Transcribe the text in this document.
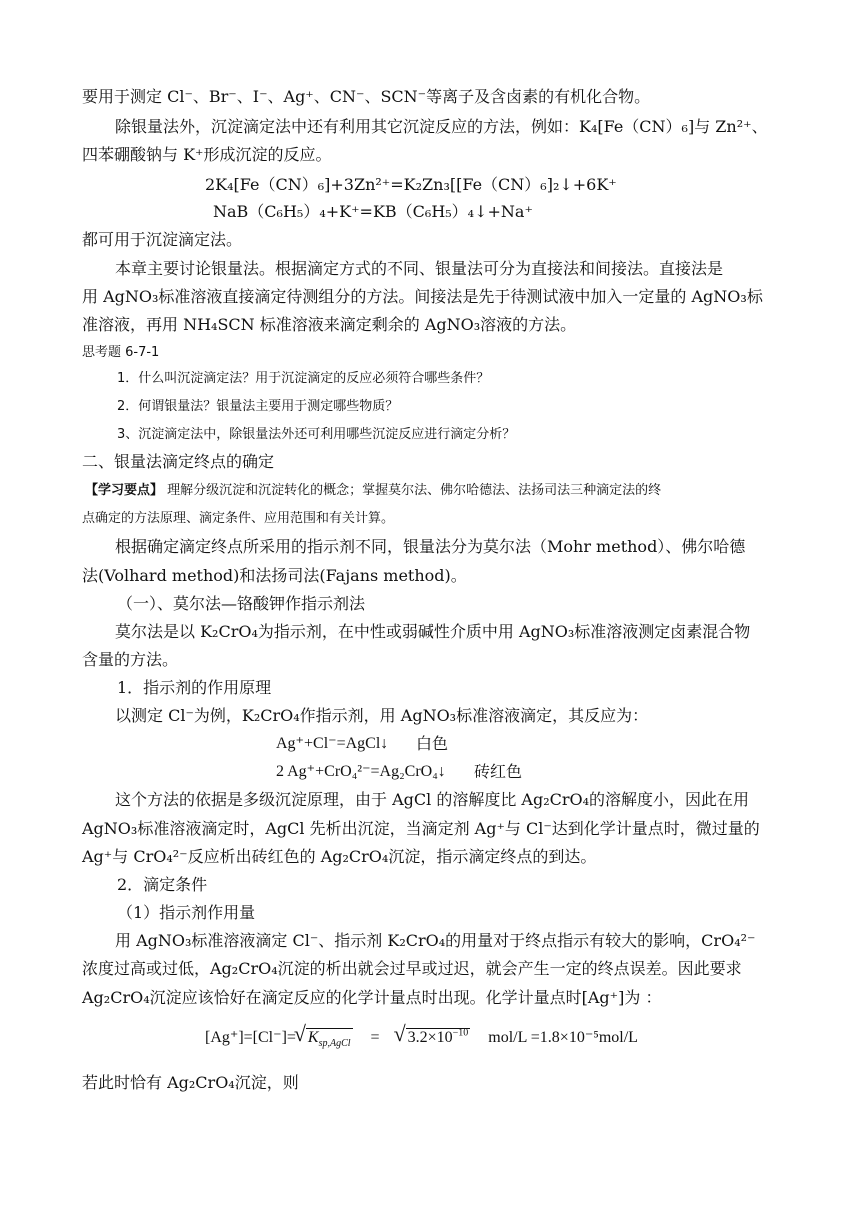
要用于测定 Cl⁻、Br⁻、I⁻、Ag⁺、CN⁻、SCN⁻等离子及含卤素的有机化合物。
除银量法外，沉淀滴定法中还有利用其它沉淀反应的方法，例如：K₄[Fe（CN）₆]与 Zn²⁺、
四苯硼酸钠与 K⁺形成沉淀的反应。
2K₄[Fe（CN）₆]+3Zn²⁺=K₂Zn₃[[Fe（CN）₆]₂↓+6K⁺
NaB（C₆H₅）₄+K⁺=KB（C₆H₅）₄↓+Na⁺
都可用于沉淀滴定法。
本章主要讨论银量法。根据滴定方式的不同、银量法可分为直接法和间接法。直接法是
用 AgNO₃标准溶液直接滴定待测组分的方法。间接法是先于待测试液中加入一定量的 AgNO₃标
准溶液，再用 NH₄SCN 标准溶液来滴定剩余的 AgNO₃溶液的方法。
思考题 6-7-1
1．什么叫沉淀滴定法？用于沉淀滴定的反应必须符合哪些条件？
2．何谓银量法？银量法主要用于测定哪些物质？
3、沉淀滴定法中，除银量法外还可利用哪些沉淀反应进行滴定分析？
二、银量法滴定终点的确定
【学习要点】 理解分级沉淀和沉淀转化的概念；掌握莫尔法、佛尔哈德法、法扬司法三种滴定法的终
点确定的方法原理、滴定条件、应用范围和有关计算。
根据确定滴定终点所采用的指示剂不同，银量法分为莫尔法（Mohr method）、佛尔哈德
法(Volhard method)和法扬司法(Fajans method)。
（一）、莫尔法—铬酸钾作指示剂法
莫尔法是以 K₂CrO₄为指示剂，在中性或弱碱性介质中用 AgNO₃标准溶液测定卤素混合物
含量的方法。
1．指示剂的作用原理
以测定 Cl⁻为例，K₂CrO₄作指示剂，用 AgNO₃标准溶液滴定，其反应为：
Ag⁺+Cl⁻=AgCl↓ 白色
2 Ag⁺+CrO₄²⁻=Ag₂CrO₄↓ 砖红色
这个方法的依据是多级沉淀原理，由于 AgCl 的溶解度比 Ag₂CrO₄的溶解度小，因此在用
AgNO₃标准溶液滴定时，AgCl 先析出沉淀，当滴定剂 Ag⁺与 Cl⁻达到化学计量点时，微过量的
Ag⁺与 CrO₄²⁻反应析出砖红色的 Ag₂CrO₄沉淀，指示滴定终点的到达。
2．滴定条件
（1）指示剂作用量
用 AgNO₃标准溶液滴定 Cl⁻、指示剂 K₂CrO₄的用量对于终点指示有较大的影响，CrO₄²⁻
浓度过高或过低，Ag₂CrO₄沉淀的析出就会过早或过迟，就会产生一定的终点误差。因此要求
Ag₂CrO₄沉淀应该恰好在滴定反应的化学计量点时出现。化学计量点时[Ag⁺]为 ：
[Ag⁺]=[Cl⁻]= √ $K_{sp,AgCl}$ = √ $3.2\times 10^{-10}$ mol/L =1.8×10⁻⁵mol/L
若此时恰有 Ag₂CrO₄沉淀，则
